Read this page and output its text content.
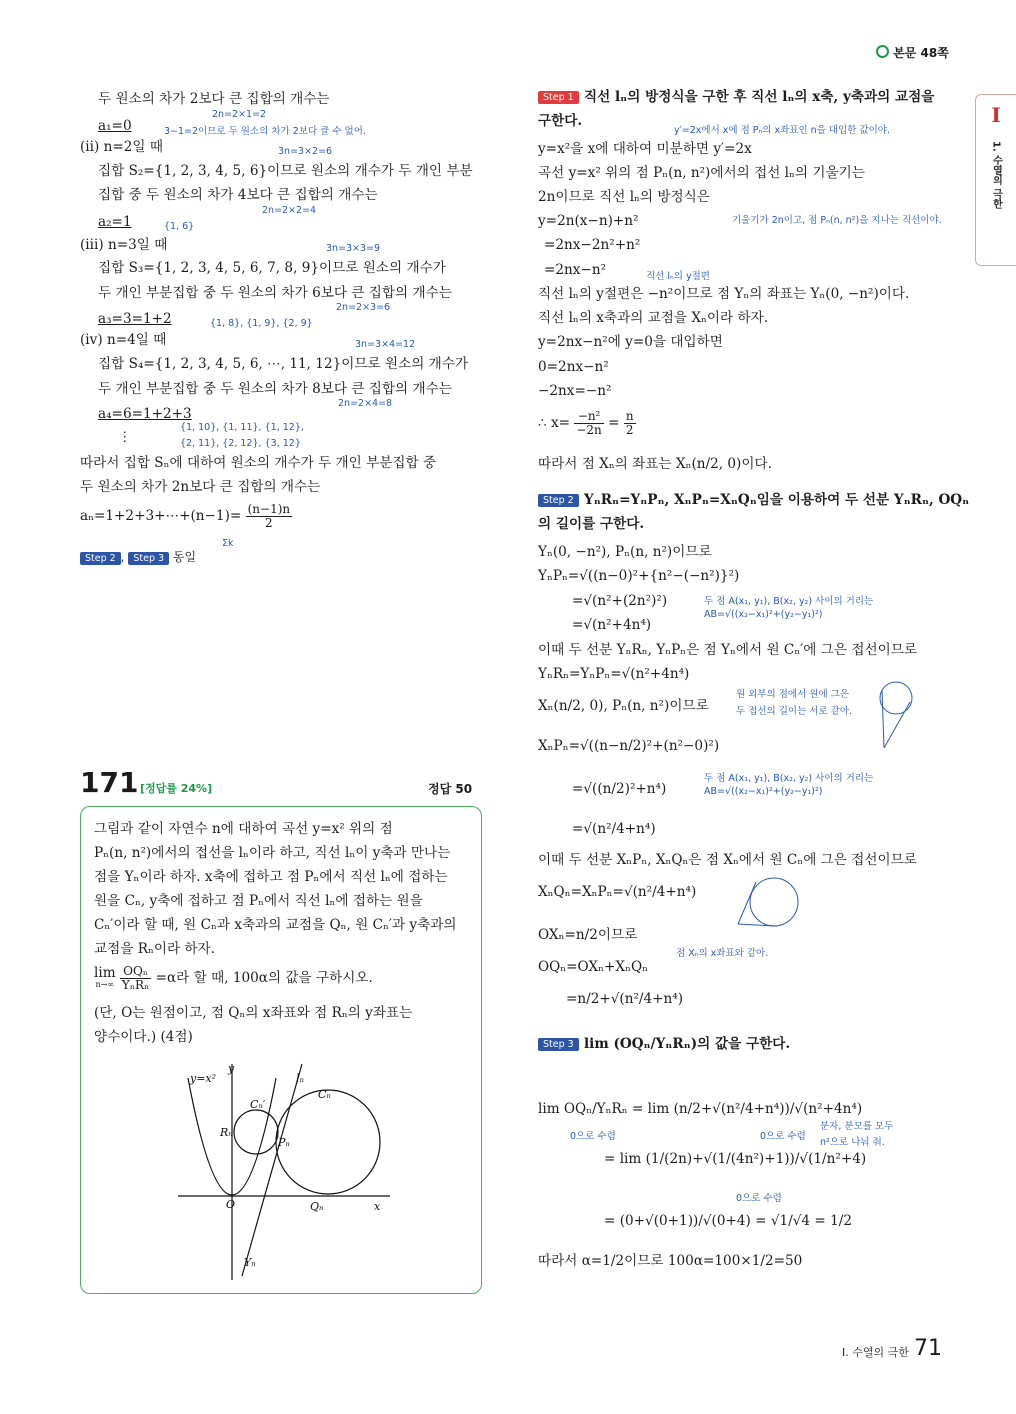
본문 48쪽
I
1. 수열의 극한
두 원소의 차가 2보다 큰 집합의 개수는
2n=2×1=2
a₁=0	3−1=2이므로 두 원소의 차가 2보다 클 수 없어.
(ii) n=2일 때	3n=3×2=6
집합 S₂={1, 2, 3, 4, 5, 6}이므로 원소의 개수가 두 개인 부분
집합 중 두 원소의 차가 4보다 큰 집합의 개수는
2n=2×2=4
a₂=1	{1, 6}
(iii) n=3일 때	3n=3×3=9
집합 S₃={1, 2, 3, 4, 5, 6, 7, 8, 9}이므로 원소의 개수가
두 개인 부분집합 중 두 원소의 차가 6보다 큰 집합의 개수는
2n=2×3=6
a₃=3=1+2	{1, 8}, {1, 9}, {2, 9}
(iv) n=4일 때	3n=3×4=12
집합 S₄={1, 2, 3, 4, 5, 6, ⋯, 11, 12}이므로 원소의 개수가
두 개인 부분집합 중 두 원소의 차가 8보다 큰 집합의 개수는
2n=2×4=8
a₄=6=1+2+3
{1, 10}, {1, 11}, {1, 12},
{2, 11}, {2, 12}, {3, 12}
⋮
따라서 집합 Sₙ에 대하여 원소의 개수가 두 개인 부분집합 중
두 원소의 차가 2n보다 큰 집합의 개수는
aₙ=1+2+3+⋯+(n−1)= $\frac{(n-1)n}{2}$
Σk
Step 2 , Step 3 동일
171 [정답률 24%]	정답 50
그림과 같이 자연수 n에 대하여 곡선 y=x² 위의 점
Pₙ(n, n²)에서의 접선을 lₙ이라 하고, 직선 lₙ이 y축과 만나는
점을 Yₙ이라 하자. x축에 접하고 점 Pₙ에서 직선 lₙ에 접하는
원을 Cₙ, y축에 접하고 점 Pₙ에서 직선 lₙ에 접하는 원을
Cₙ′이라 할 때, 원 Cₙ과 x축과의 교점을 Qₙ, 원 Cₙ′과 y축과의
교점을 Rₙ이라 하자.
lim
n→∞

OQₙ
YₙRₙ =α라 할 때, 100α의 값을 구하시오.
(단, O는 원점이고, 점 Qₙ의 x좌표와 점 Rₙ의 y좌표는
양수이다.) (4점)
y=x²
y
lₙ
Cₙ
Cₙ′
Rₙ
Pₙ
O	Qₙ	x
Yₙ
Step 1 직선 lₙ의 방정식을 구한 후 직선 lₙ의 x축, y축과의 교점을
구한다.
y′=2x에서 x에 점 Pₙ의 x좌표인 n을 대입한 값이야.
y=x²을 x에 대하여 미분하면 y′=2x
곡선 y=x² 위의 점 Pₙ(n, n²)에서의 접선 lₙ의 기울기는
2n이므로 직선 lₙ의 방정식은
y=2n(x−n)+n²	기울기가 2n이고, 점 Pₙ(n, n²)을 지나는 직선이야.
=2nx−2n²+n²
=2nx−n²	직선 lₙ의 y절편
직선 lₙ의 y절편은 −n²이므로 점 Yₙ의 좌표는 Yₙ(0, −n²)이다.
직선 lₙ의 x축과의 교점을 Xₙ이라 하자.
y=2nx−n²에 y=0을 대입하면
0=2nx−n²
−2nx=−n²
∴ $x= \frac{\text{−n²}}{-2n} = \frac{n}{2}$
따라서 점 Xₙ의 좌표는 Xₙ(n/2, 0)이다.
Step 2 YₙRₙ=YₙPₙ, XₙPₙ=XₙQₙ임을 이용하여 두 선분 YₙRₙ, OQₙ
의 길이를 구한다.
Yₙ(0, −n²), Pₙ(n, n²)이므로
YₙPₙ=√((n−0)²+{n²−(−n²)}²)
=√(n²+(2n²)²)	두 점 A(x₁, y₁), B(x₂, y₂) 사이의 거리는
AB=√((x₂−x₁)²+(y₂−y₁)²)
=√(n²+4n⁴)
이때 두 선분 YₙRₙ, YₙPₙ은 점 Yₙ에서 원 Cₙ′에 그은 접선이므로
YₙRₙ=YₙPₙ=√(n²+4n⁴)
원 외부의 점에서 원에 그은
두 접선의 길이는 서로 같아.
Xₙ(n/2, 0), Pₙ(n, n²)이므로
XₙPₙ=√((n−n/2)²+(n²−0)²)
두 점 A(x₁, y₁), B(x₂, y₂) 사이의 거리는
AB=√((x₂−x₁)²+(y₂−y₁)²)
=√((n/2)²+n⁴)
=√(n²/4+n⁴)
이때 두 선분 XₙPₙ, XₙQₙ은 점 Xₙ에서 원 Cₙ에 그은 접선이므로
XₙQₙ=XₙPₙ=√(n²/4+n⁴)
OXₙ=n/2이므로
점 Xₙ의 x좌표와 같아.
OQₙ=OXₙ+XₙQₙ
=n/2+√(n²/4+n⁴)
Step 3 lim (OQₙ/YₙRₙ)의 값을 구한다.
lim OQₙ/YₙRₙ = lim (n/2+√(n²/4+n⁴))/√(n²+4n⁴)
0으로 수렴	0으로 수렴
= lim (1/(2n)+√(1/(4n²)+1))/√(1/n²+4)
분자, 분모를 모두
n²으로 나눠 줘.
0으로 수렴
= (0+√(0+1))/√(0+4) = √1/√4 = 1/2
따라서 α=1/2이므로 100α=100×1/2=50
Ⅰ. 수열의 극한 71
